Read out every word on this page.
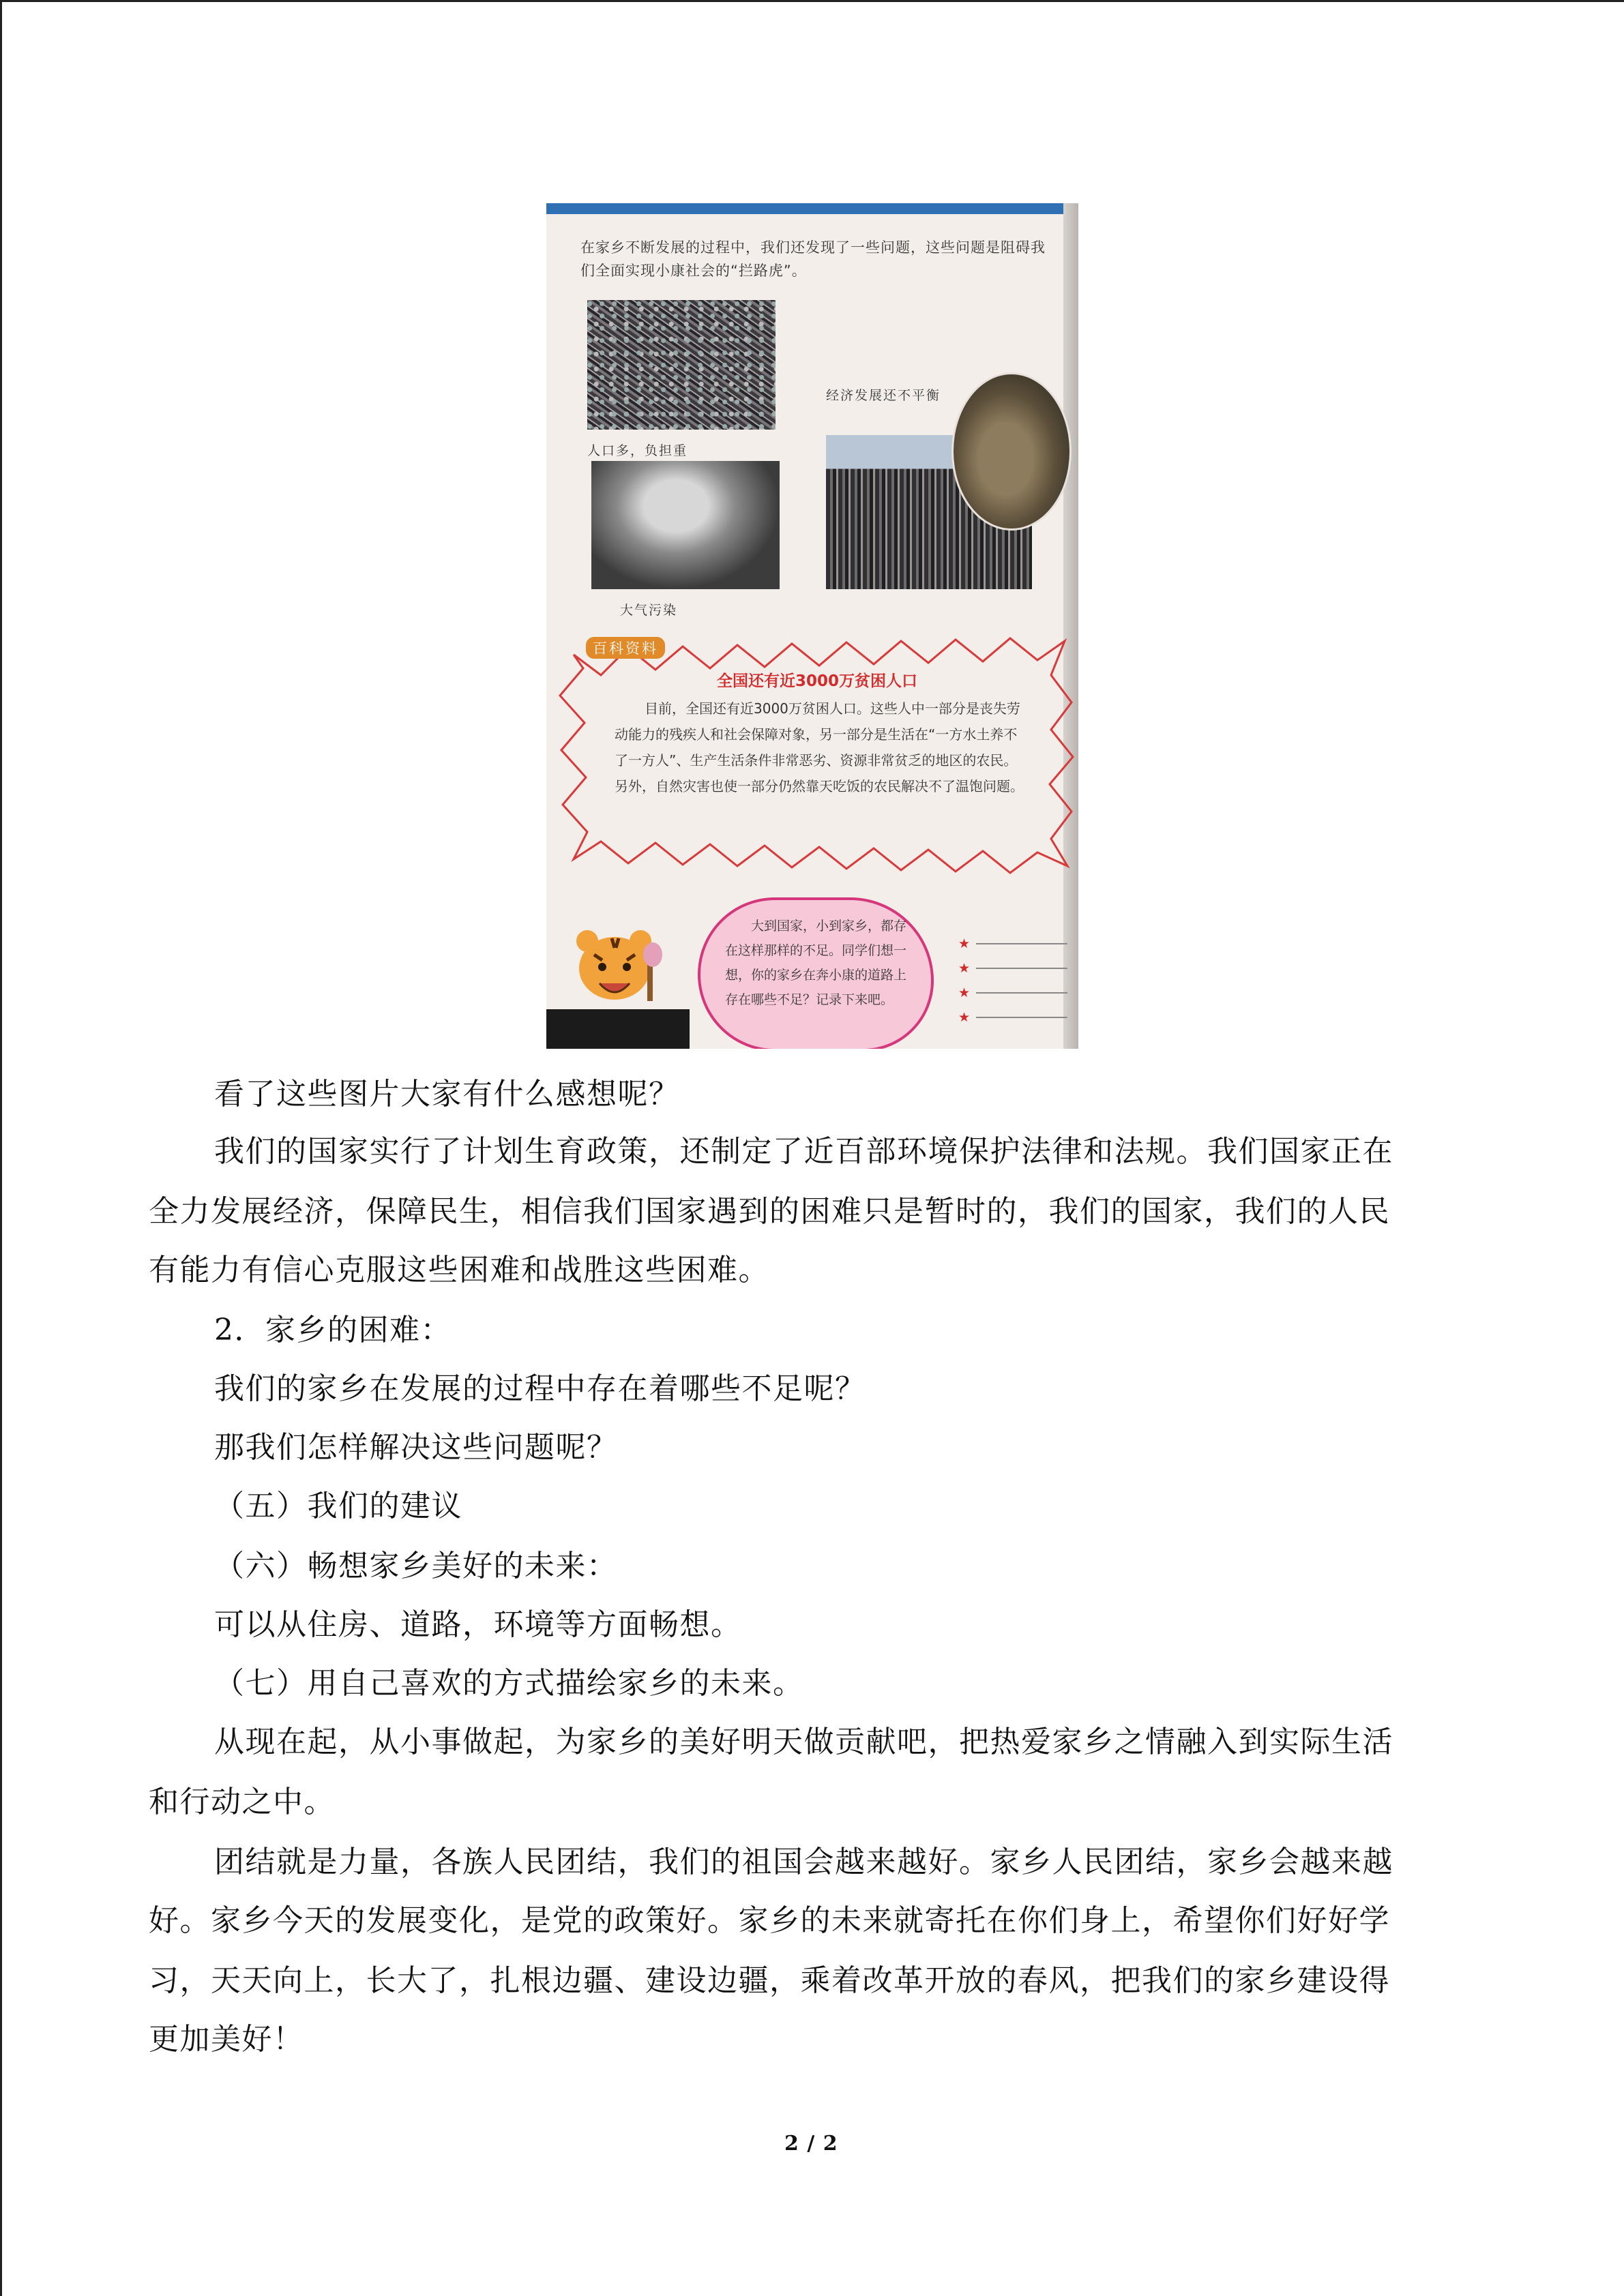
在家乡不断发展的过程中，我们还发现了一些问题，这些问题是阻碍我们全面实现小康社会的“拦路虎”。
人口多，负担重
大气污染
经济发展还不平衡
百科资料
全国还有近3000万贫困人口
目前，全国还有近3000万贫困人口。这些人中一部分是丧失劳动能力的残疾人和社会保障对象，另一部分是生活在“一方水土养不了一方人”、生产生活条件非常恶劣、资源非常贫乏的地区的农民。另外，自然灾害也使一部分仍然靠天吃饭的农民解决不了温饱问题。
大到国家，小到家乡，都存在这样那样的不足。同学们想一想，你的家乡在奔小康的道路上存在哪些不足？记录下来吧。
★
★
★
★

看了这些图片大家有什么感想呢？

我们的国家实行了计划生育政策，还制定了近百部环境保护法律和法规。我们国家正在

全力发展经济，保障民生，相信我们国家遇到的困难只是暂时的，我们的国家，我们的人民

有能力有信心克服这些困难和战胜这些困难。

2．家乡的困难：

我们的家乡在发展的过程中存在着哪些不足呢？

那我们怎样解决这些问题呢？

（五）我们的建议

（六）畅想家乡美好的未来：

可以从住房、道路，环境等方面畅想。

（七）用自己喜欢的方式描绘家乡的未来。

从现在起，从小事做起，为家乡的美好明天做贡献吧，把热爱家乡之情融入到实际生活

和行动之中。

团结就是力量，各族人民团结，我们的祖国会越来越好。家乡人民团结，家乡会越来越

好。家乡今天的发展变化，是党的政策好。家乡的未来就寄托在你们身上，希望你们好好学

习，天天向上，长大了，扎根边疆、建设边疆，乘着改革开放的春风，把我们的家乡建设得

更加美好！

2 / 2
